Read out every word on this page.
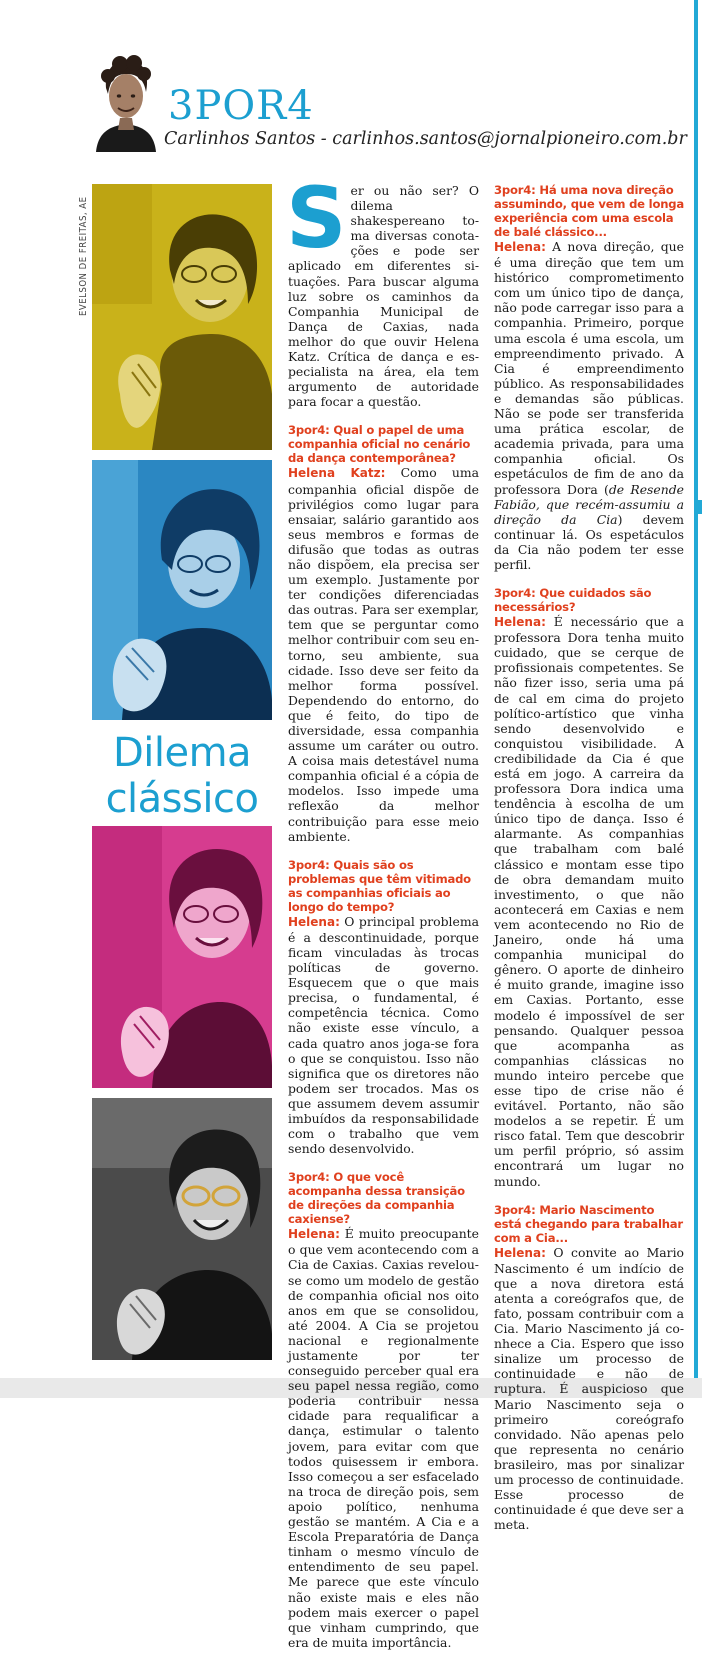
3POR4
Carlinhos Santos - carlinhos.santos@jornalpioneiro.com.br
EVELSON DE FREITAS, AE
Dilema
clássico

Ser ou não ser? O dilema shakespereano toma diversas conotações e pode ser aplicado em diferentes situações. Para buscar alguma luz sobre os caminhos da Companhia Municipal de Dança de Caxias, nada melhor do que ouvir Helena Katz. Crítica de dança e especialista na área, ela tem argumento de autoridade para focar a questão.

3por4: Qual o papel de uma companhia oficial no cenário da dança contemporânea?
Helena Katz: Como uma companhia oficial dispõe de privilégios como lugar para ensaiar, salário garantido aos seus membros e formas de difusão que todas as outras não dispõem, ela precisa ser um exemplo. Justamente por ter condições diferenciadas das outras. Para ser exemplar, tem que se perguntar como melhor contribuir com seu entorno, seu ambiente, sua cidade. Isso deve ser feito da melhor forma possível. Dependendo do entorno, do que é feito, do tipo de diversidade, essa companhia assume um caráter ou outro. A coisa mais detestável numa companhia oficial é a cópia de modelos. Isso impede uma reflexão da melhor contribuição para esse meio ambiente.
3por4: Quais são os problemas que têm vitimado as companhias oficiais ao longo do tempo?
Helena: O principal problema é a descontinuidade, porque ficam vinculadas às trocas políticas de governo. Esquecem que o que mais precisa, o fundamental, é competência técnica. Como não existe esse vínculo, a cada quatro anos joga-se fora o que se conquistou. Isso não significa que os diretores não podem ser trocados. Mas os que assumem devem assumir imbuídos da responsabilidade com o trabalho que vem sendo desenvolvido.
3por4: O que você acompanha dessa transição de direções da companhia caxiense?
Helena: É muito preocupante o que vem acontecendo com a Cia de Caxias. Caxias revelou-se como um modelo de gestão de companhia oficial nos oito anos em que se consolidou, até 2004. A Cia se projetou nacional e regionalmente justamente por ter conseguido perceber qual era seu papel nessa região, como poderia contribuir nessa cidade para requalificar a dança, estimular o talento jovem, para evitar com que todos quisessem ir embora. Isso começou a ser esfacelado na troca de direção pois, sem apoio político, nenhuma gestão se mantém. A Cia e a Escola Preparatória de Dança tinham o mesmo vínculo de entendimento de seu papel. Me parece que este vínculo não existe mais e eles não podem mais exercer o papel que vinham cumprindo, que era de muita importância.
3por4: Há uma nova direção assumindo, que vem de longa experiência com uma escola de balé clássico...
Helena: A nova direção, que é uma direção que tem um histórico comprometimento com um único tipo de dança, não pode carregar isso para a companhia. Primeiro, porque uma escola é uma escola, um empreendimento privado. A Cia é empreendimento público. As responsabilidades e demandas são públicas. Não se pode ser transferida uma prática escolar, de academia privada, para uma companhia oficial. Os espetáculos de fim de ano da professora Dora (de Resende Fabião, que recém-assumiu a direção da Cia) devem continuar lá. Os espetáculos da Cia não podem ter esse perfil.
3por4: Que cuidados são necessários?
Helena: É necessário que a professora Dora tenha muito cuidado, que se cerque de profissionais competentes. Se não fizer isso, seria uma pá de cal em cima do projeto político-artístico que vinha sendo desenvolvido e conquistou visibilidade. A credibilidade da Cia é que está em jogo. A carreira da professora Dora indica uma tendência à escolha de um único tipo de dança. Isso é alarmante. As companhias que trabalham com balé clássico e montam esse tipo de obra demandam muito investimento, o que não acontecerá em Caxias e nem vem acontecendo no Rio de Janeiro, onde há uma companhia municipal do gênero. O aporte de dinheiro é muito grande, imagine isso em Caxias. Portanto, esse modelo é impossível de ser pensando. Qualquer pessoa que acompanha as companhias clássicas no mundo inteiro percebe que esse tipo de crise não é evitável. Portanto, não são modelos a se repetir. É um risco fatal. Tem que descobrir um perfil próprio, só assim encontrará um lugar no mundo.
3por4: Mario Nascimento está chegando para trabalhar com a Cia...
Helena: O convite ao Mario Nascimento é um indício de que a nova diretora está atenta a coreógrafos que, de fato, possam contribuir com a Cia. Mario Nascimento já conhece a Cia. Espero que isso sinalize um processo de continuidade e não de ruptura. É auspicioso que Mario Nascimento seja o primeiro coreógrafo convidado. Não apenas pelo que representa no cenário brasileiro, mas por sinalizar um processo de continuidade. Esse processo de continuidade é que deve ser a meta.
